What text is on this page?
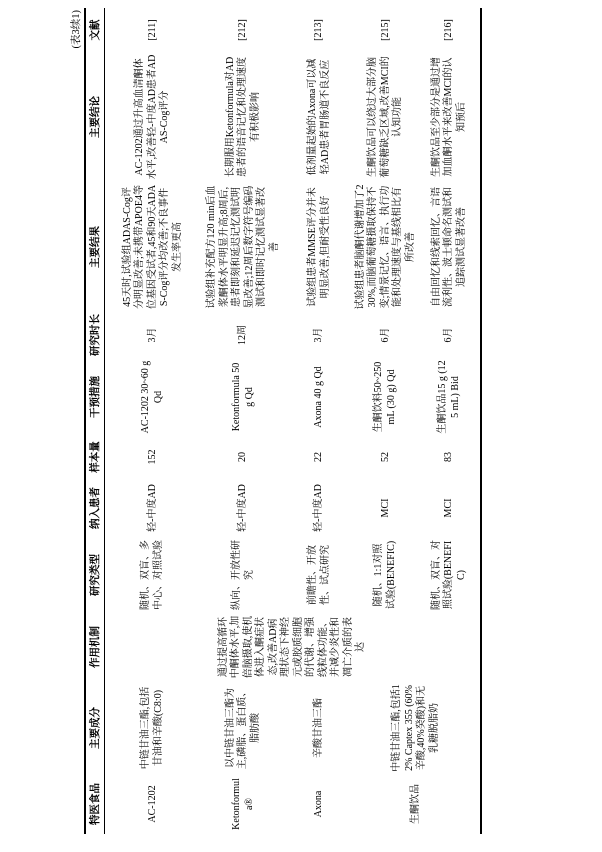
(表3续1)
特医食品	主要成分	作用机制	研究类型	纳入患者	样本量	干预措施	研究时长	主要结果	主要结论	文献
AC-1202	中链甘油三酯,包括甘油和辛酸(C8:0)	通过提高循环中酮体水平,加倍脑摄取,使机体进入酮症状态,改善AD病理状态下神经元或胶质细胞的代谢、增强线粒体功能、并减少炎性和凋亡介质的表达	随机、双盲、多中心、对照试验	轻-中度AD	152	AC-1202 30~60 g Qd	3月	45天时,试验组ADAS-Cog评分明显改善;未携带APOE4等位基因受试者,45和90天ADAS-Cog评分均改善;不良事件发生率更高	AC-1202通过升高血清酮体水平,改善轻-中度AD患者ADAS-Cog评分	[211]
Ketonformula®	以中链甘油三酯为主,磷脂、蛋白质、脂肪酸		纵向、开放性研究	轻-中度AD	20	Ketonformula 50 g Qd	12周	试验组补充配方120 min后血浆酮体水平明显升高;8周后,患者即刻和延迟记忆测试明显改善;12周后数字符号编码测试和即时记忆测试显著改善	长期服用Ketonformula对AD患者的语音记忆和处理速度有积极影响	[212]
Axona	辛酸甘油三酯		前瞻性、开放性、试点研究	轻-中度AD	22	Axona 40 g Qd	3月	试验组患者MMSE评分并未明显改善,但耐受性良好	低剂量起始的Axona可以减轻AD患者胃肠道不良反应	[213]
生酮饮品	中链甘油三酯,包括12% Captex 355 (60%辛酸,40%癸酸)和无乳糖脱脂奶		随机、1:1对照试验(BENEFIC)	MCI	52	生酮饮料50~250 mL (30 g) Qd	6月	试验组患者脑酮代谢增加了230%,而脑葡萄糖摄取保持不变;情景记忆、语言、执行功能和处理速度与基线相比有所改善	生酮饮品可以绕过大部分脑葡萄糖缺乏区域,改善MCI的认知功能	[215]
			随机、双盲、对照试验(BENEFIC)	MCI	83	生酮饮品15 g (125 mL) Bid	6月	自由回忆和线索回忆、言语流利性、波士顿命名测试和追踪测试显著改善	生酮饮品至少部分是通过增加血酮水平来改善MCI的认知预后	[216]
